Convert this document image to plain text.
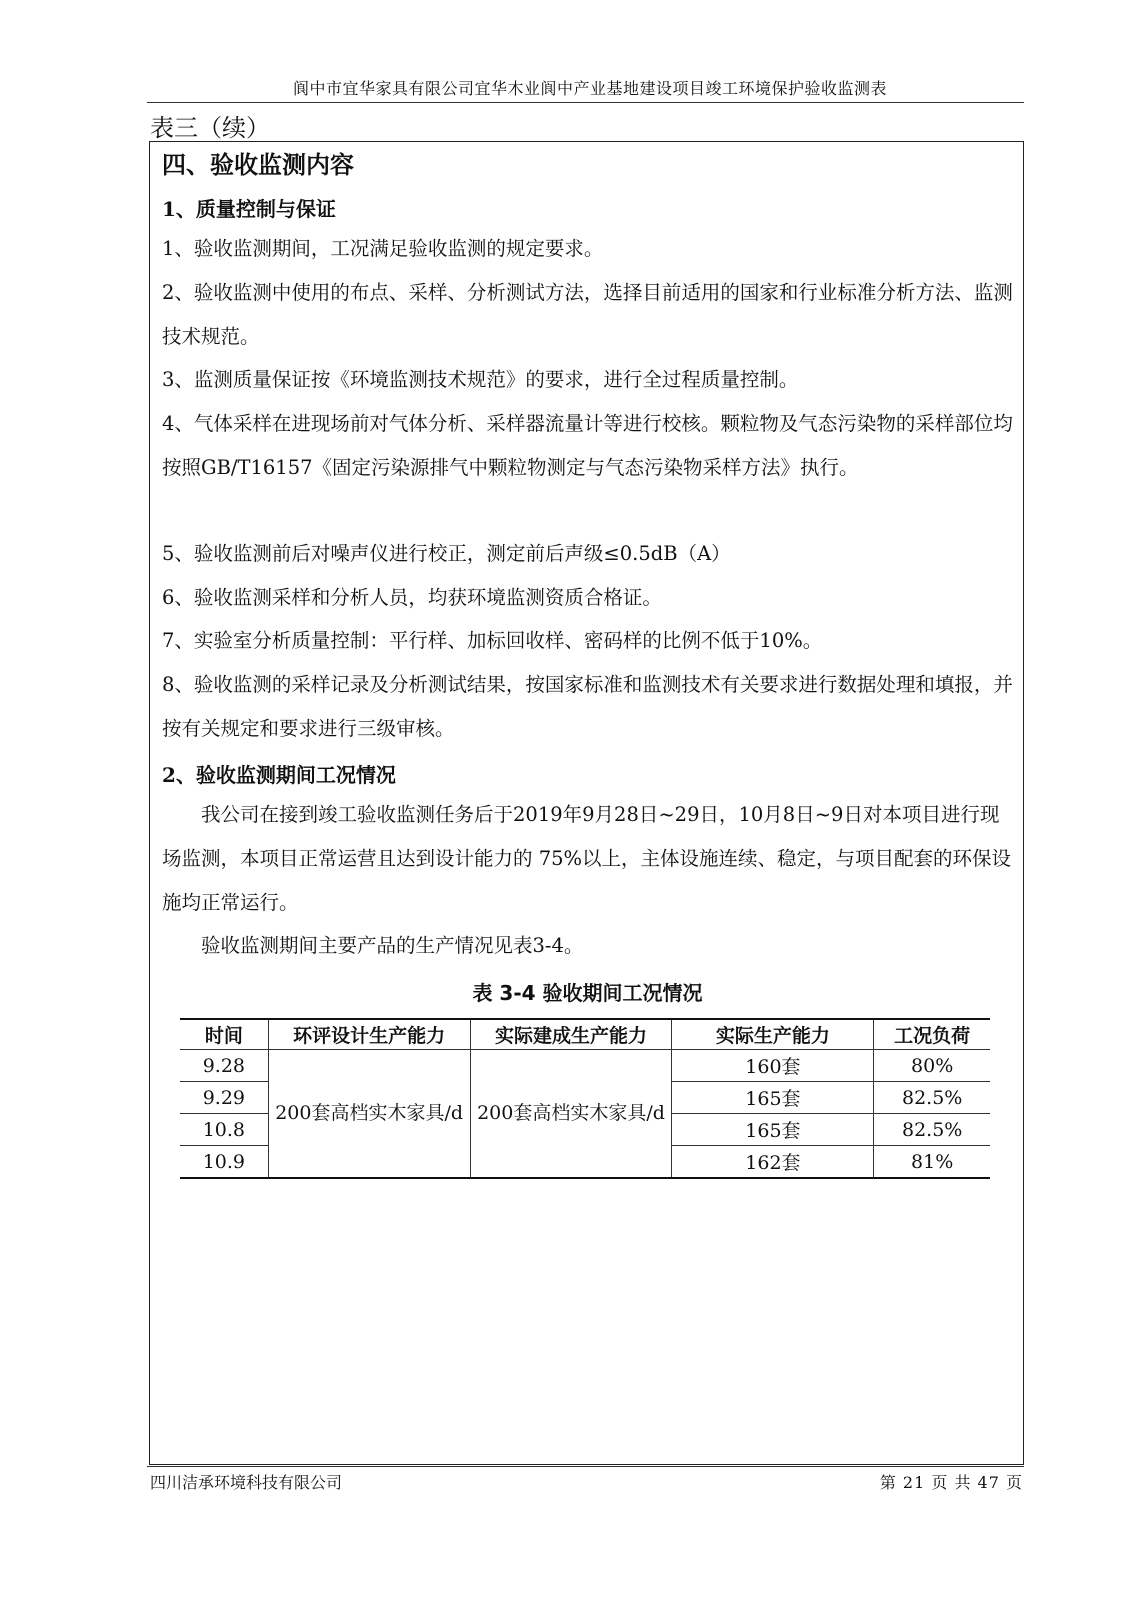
阆中市宜华家具有限公司宜华木业阆中产业基地建设项目竣工环境保护验收监测表
表三（续）
四、验收监测内容
1、质量控制与保证
1、验收监测期间，工况满足验收监测的规定要求。
2、验收监测中使用的布点、采样、分析测试方法，选择目前适用的国家和行业标准分析方法、监测技术规范。
3、监测质量保证按《环境监测技术规范》的要求，进行全过程质量控制。
4、气体采样在进现场前对气体分析、采样器流量计等进行校核。颗粒物及气态污染物的采样部位均按照GB/T16157《固定污染源排气中颗粒物测定与气态污染物采样方法》执行。
5、验收监测前后对噪声仪进行校正，测定前后声级≤0.5dB（A）
6、验收监测采样和分析人员，均获环境监测资质合格证。
7、实验室分析质量控制：平行样、加标回收样、密码样的比例不低于10%。
8、验收监测的采样记录及分析测试结果，按国家标准和监测技术有关要求进行数据处理和填报，并按有关规定和要求进行三级审核。
2、验收监测期间工况情况
我公司在接到竣工验收监测任务后于2019年9月28日~29日，10月8日~9日对本项目进行现场监测，本项目正常运营且达到设计能力的 75%以上，主体设施连续、稳定，与项目配套的环保设施均正常运行。
验收监测期间主要产品的生产情况见表3-4。
表 3-4 验收期间工况情况
时间	环评设计生产能力	实际建成生产能力	实际生产能力	工况负荷
9.28	200套高档实木家具/d	200套高档实木家具/d	160套	80%
9.29			165套	82.5%
10.8			165套	82.5%
10.9			162套	81%
四川洁承环境科技有限公司	第 21 页 共 47 页
